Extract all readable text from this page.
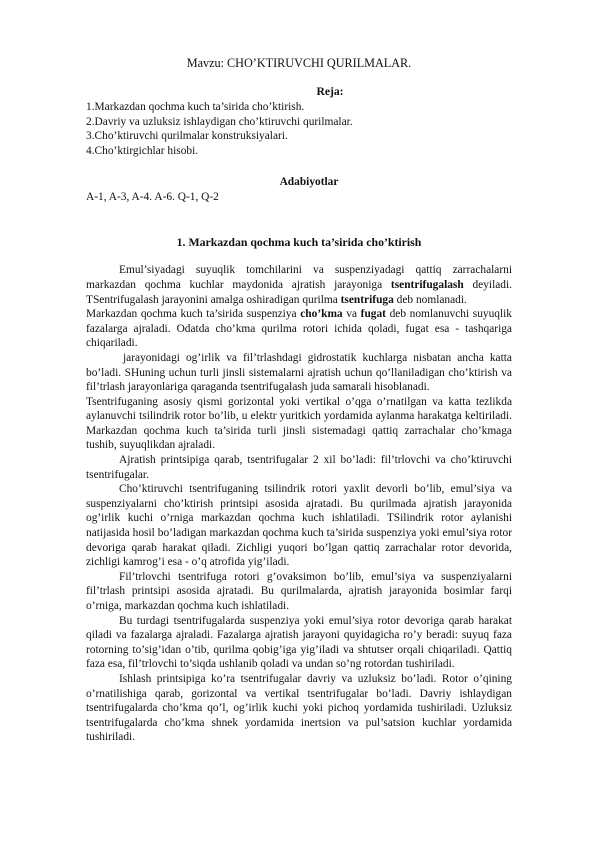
Mavzu: CHO’KTIRUVCHI QURILMALAR.

Reja:

1.Markazdan qochma kuch ta’sirida cho’ktirish.

2.Davriy va uzluksiz ishlaydigan cho’ktiruvchi qurilmalar.

3.Cho’ktiruvchi qurilmalar konstruksiyalari.

4.Cho’ktirgichlar hisobi.

Adabiyotlar

A-1, A-3, A-4. A-6. Q-1, Q-2

1. Markazdan qochma kuch ta’sirida cho’ktirish

Emul’siyadagi suyuqlik tomchilarini va suspenziyadagi qattiq zarrachalarni markazdan qochma kuchlar maydonida ajratish jarayoniga tsentrifugalash deyiladi. TSentrifugalash jarayonini amalga oshiradigan qurilma tsentrifuga deb nomlanadi.

Markazdan qochma kuch ta’sirida suspenziya cho’kma va fugat deb nomlanuvchi suyuqlik fazalarga ajraladi. Odatda cho’kma qurilma rotori ichida qoladi, fugat esa - tashqariga chiqariladi.

jarayonidagi og’irlik va fil’trlashdagi gidrostatik kuchlarga nisbatan ancha katta bo’ladi. SHuning uchun turli jinsli sistemalarni ajratish uchun qo’llaniladigan cho’ktirish va fil’trlash jarayonlariga qaraganda tsentrifugalash juda samarali hisoblanadi.

Tsentrifuganing asosiy qismi gorizontal yoki vertikal o’qga o’rnatilgan va katta tezlikda aylanuvchi tsilindrik rotor bo’lib, u elektr yuritkich yordamida aylanma harakatga keltiriladi. Markazdan qochma kuch ta’sirida turli jinsli sistemadagi qattiq zarrachalar cho’kmaga tushib, suyuqlikdan ajraladi.

Ajratish printsipiga qarab, tsentrifugalar 2 xil bo’ladi: fil’trlovchi va cho’ktiruvchi tsentrifugalar.

Cho’ktiruvchi tsentrifuganing tsilindrik rotori yaxlit devorli bo’lib, emul’siya va suspenziyalarni cho’ktirish printsipi asosida ajratadi. Bu qurilmada ajratish jarayonida og’irlik kuchi o’rniga markazdan qochma kuch ishlatiladi. TSilindrik rotor aylanishi natijasida hosil bo’ladigan markazdan qochma kuch ta’sirida suspenziya yoki emul’siya rotor devoriga qarab harakat qiladi. Zichligi yuqori bo’lgan qattiq zarrachalar rotor devorida, zichligi kamrog’i esa - o’q atrofida yig’iladi.

Fil’trlovchi tsentrifuga rotori g’ovaksimon bo’lib, emul’siya va suspenziyalarni fil’trlash printsipi asosida ajratadi. Bu qurilmalarda, ajratish jarayonida bosimlar farqi o’rniga, markazdan qochma kuch ishlatiladi.

Bu turdagi tsentrifugalarda suspenziya yoki emul’siya rotor devoriga qarab harakat qiladi va fazalarga ajraladi. Fazalarga ajratish jarayoni quyidagicha ro’y beradi: suyuq faza rotorning to’sig’idan o’tib, qurilma qobig’iga yig’iladi va shtutser orqali chiqariladi. Qattiq faza esa, fil’trlovchi to’siqda ushlanib qoladi va undan so’ng rotordan tushiriladi.

Ishlash printsipiga ko’ra tsentrifugalar davriy va uzluksiz bo’ladi. Rotor o’qining o’rnatilishiga qarab, gorizontal va vertikal tsentrifugalar bo’ladi. Davriy ishlaydigan tsentrifugalarda cho’kma qo’l, og’irlik kuchi yoki pichoq yordamida tushiriladi. Uzluksiz tsentrifugalarda cho’kma shnek yordamida inertsion va pul’satsion kuchlar yordamida tushiriladi.
